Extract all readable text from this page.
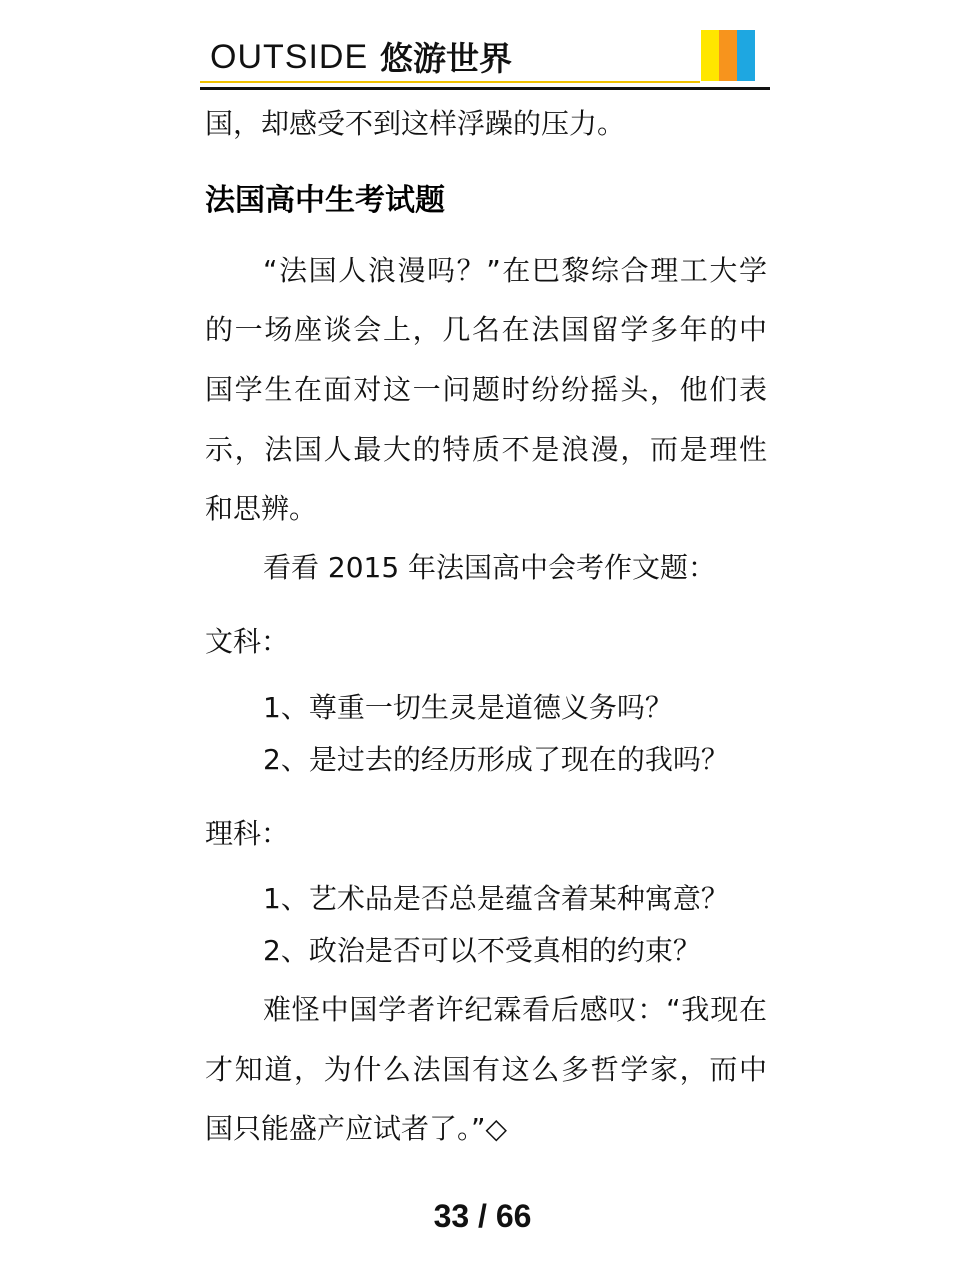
OUTSIDE 悠游世界
国，却感受不到这样浮躁的压力。
法国高中生考试题
“法国人浪漫吗？”在巴黎综合理工大学
的一场座谈会上，几名在法国留学多年的中
国学生在面对这一问题时纷纷摇头，他们表
示，法国人最大的特质不是浪漫，而是理性
和思辨。
看看 2015 年法国高中会考作文题：
文科：
1、尊重一切生灵是道德义务吗？
2、是过去的经历形成了现在的我吗？
理科：
1、艺术品是否总是蕴含着某种寓意？
2、政治是否可以不受真相的约束？
难怪中国学者许纪霖看后感叹：“我现在
才知道，为什么法国有这么多哲学家，而中
国只能盛产应试者了。”◇
33 / 66
